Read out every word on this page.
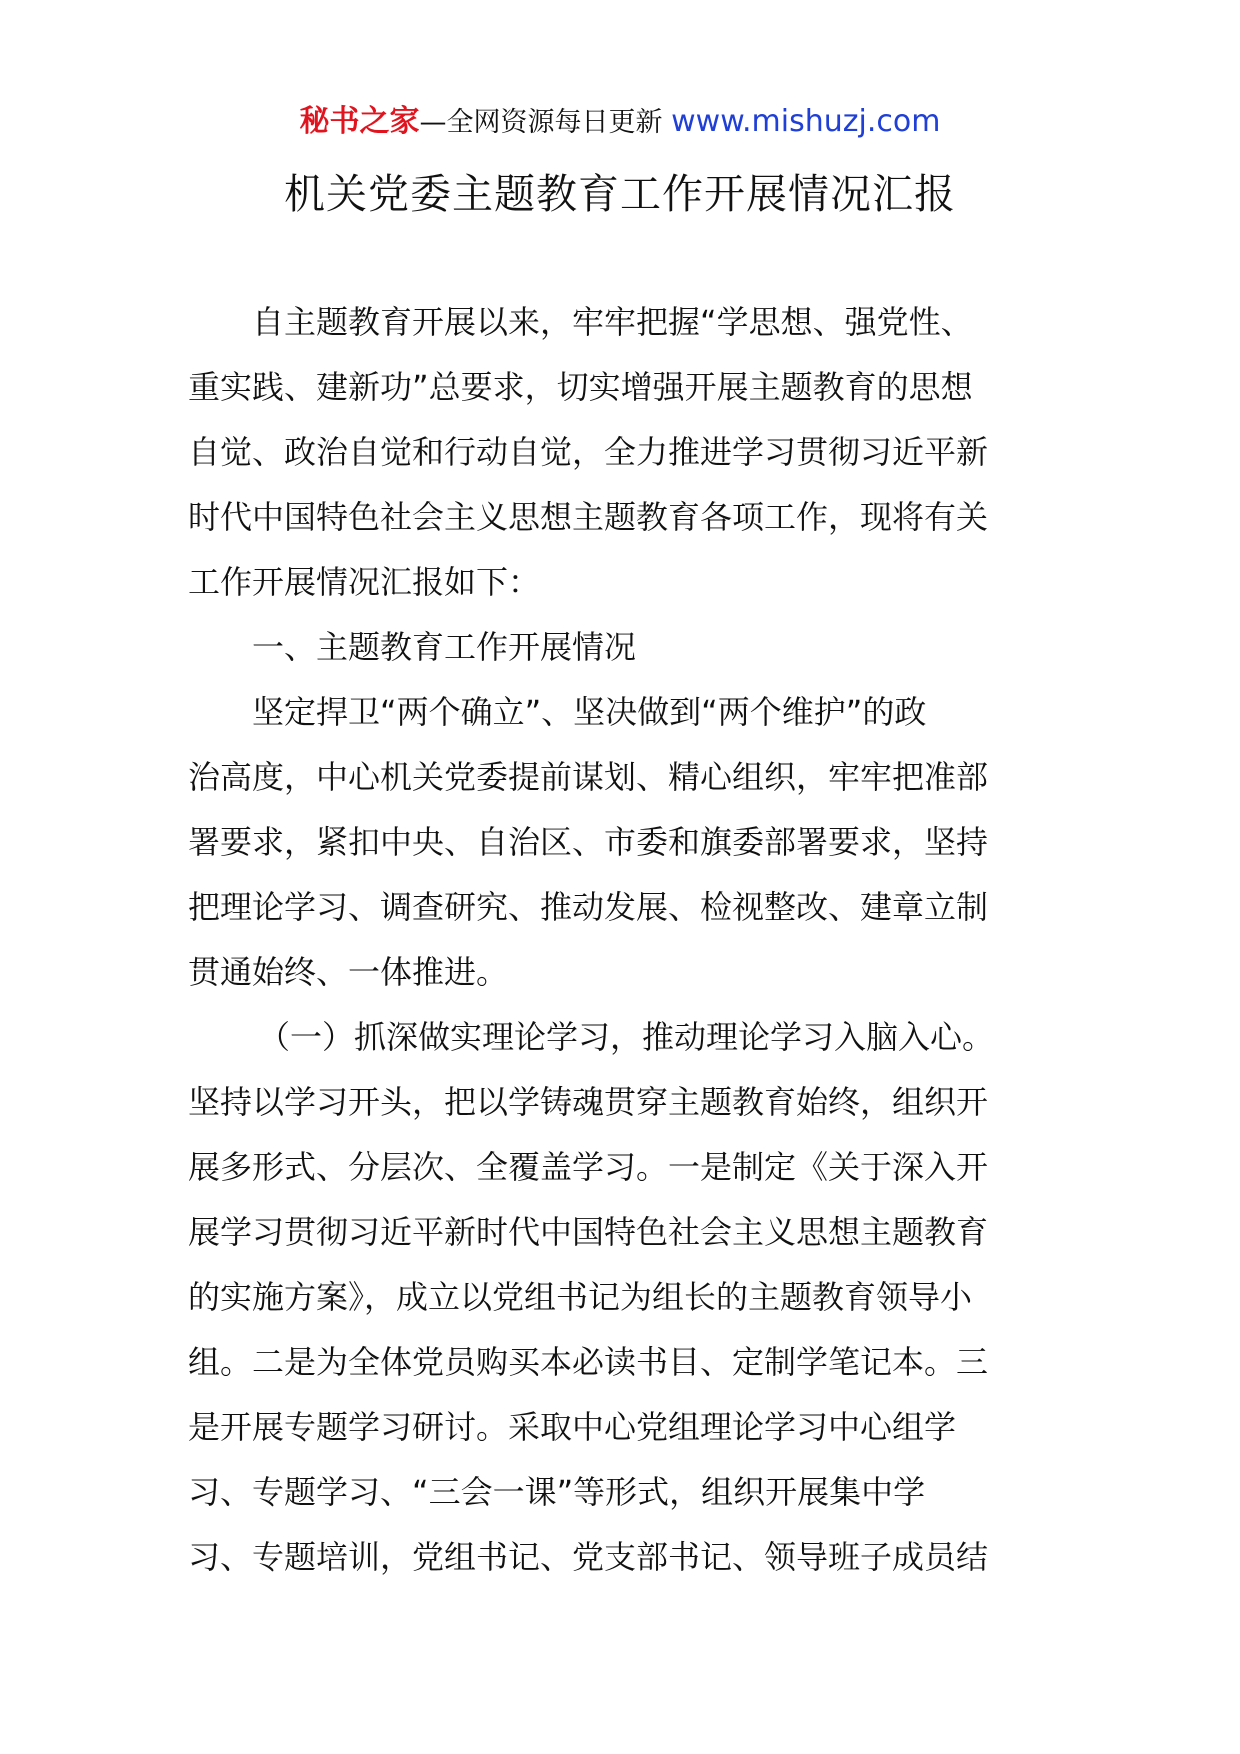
秘书之家—全网资源每日更新 www.mishuzj.com
机关党委主题教育工作开展情况汇报
自主题教育开展以来，牢牢把握“学思想、强党性、
重实践、建新功”总要求，切实增强开展主题教育的思想
自觉、政治自觉和行动自觉，全力推进学习贯彻习近平新
时代中国特色社会主义思想主题教育各项工作，现将有关
工作开展情况汇报如下：
一、主题教育工作开展情况
坚定捍卫“两个确立”、坚决做到“两个维护”的政
治高度，中心机关党委提前谋划、精心组织，牢牢把准部
署要求，紧扣中央、自治区、市委和旗委部署要求，坚持
把理论学习、调查研究、推动发展、检视整改、建章立制
贯通始终、一体推进。
（一）抓深做实理论学习，推动理论学习入脑入心。
坚持以学习开头，把以学铸魂贯穿主题教育始终，组织开
展多形式、分层次、全覆盖学习。一是制定《关于深入开
展学习贯彻习近平新时代中国特色社会主义思想主题教育
的实施方案》，成立以党组书记为组长的主题教育领导小
组。二是为全体党员购买本必读书目、定制学笔记本。三
是开展专题学习研讨。采取中心党组理论学习中心组学
习、专题学习、“三会一课”等形式，组织开展集中学
习、专题培训，党组书记、党支部书记、领导班子成员结
